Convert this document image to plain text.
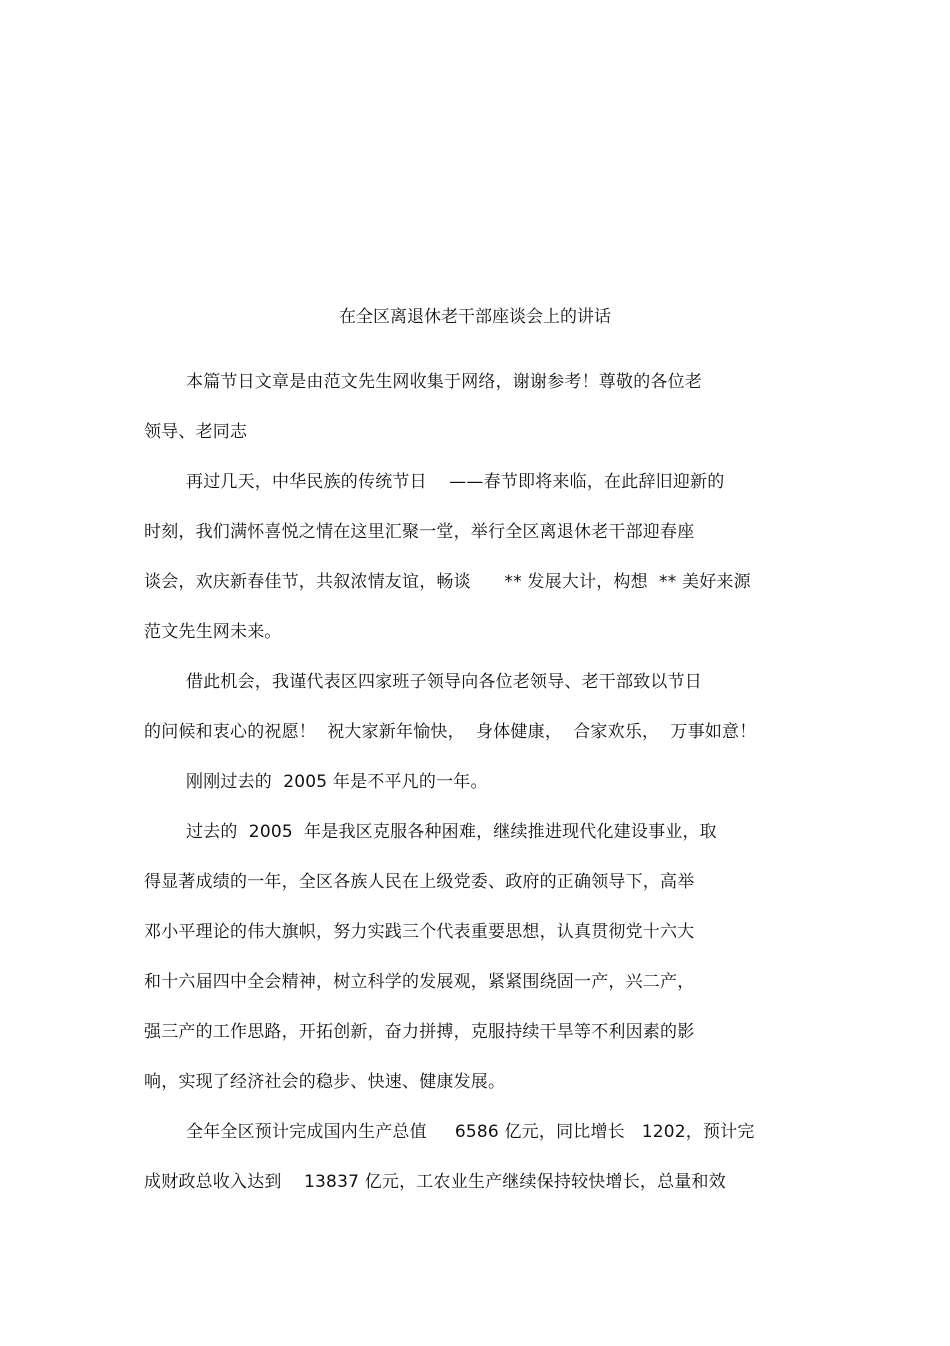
在全区离退休老干部座谈会上的讲话
本篇节日文章是由范文先生网收集于网络，谢谢参考！尊敬的各位老
领导、老同志
再过几天，中华民族的传统节日    ——春节即将来临，在此辞旧迎新的
时刻，我们满怀喜悦之情在这里汇聚一堂，举行全区离退休老干部迎春座
谈会，欢庆新春佳节，共叙浓情友谊，畅谈      ** 发展大计，构想  ** 美好来源
范文先生网未来。
借此机会，我谨代表区四家班子领导向各位老领导、老干部致以节日
的问候和衷心的祝愿！  祝大家新年愉快，  身体健康，  合家欢乐，  万事如意！
刚刚过去的  2005 年是不平凡的一年。
过去的  2005  年是我区克服各种困难，继续推进现代化建设事业，取
得显著成绩的一年，全区各族人民在上级党委、政府的正确领导下，高举
邓小平理论的伟大旗帜，努力实践三个代表重要思想，认真贯彻党十六大
和十六届四中全会精神，树立科学的发展观，紧紧围绕固一产，兴二产，
强三产的工作思路，开拓创新，奋力拼搏，克服持续干旱等不利因素的影
响，实现了经济社会的稳步、快速、健康发展。
全年全区预计完成国内生产总值     6586 亿元，同比增长   1202，预计完
成财政总收入达到    13837 亿元，工农业生产继续保持较快增长，总量和效
